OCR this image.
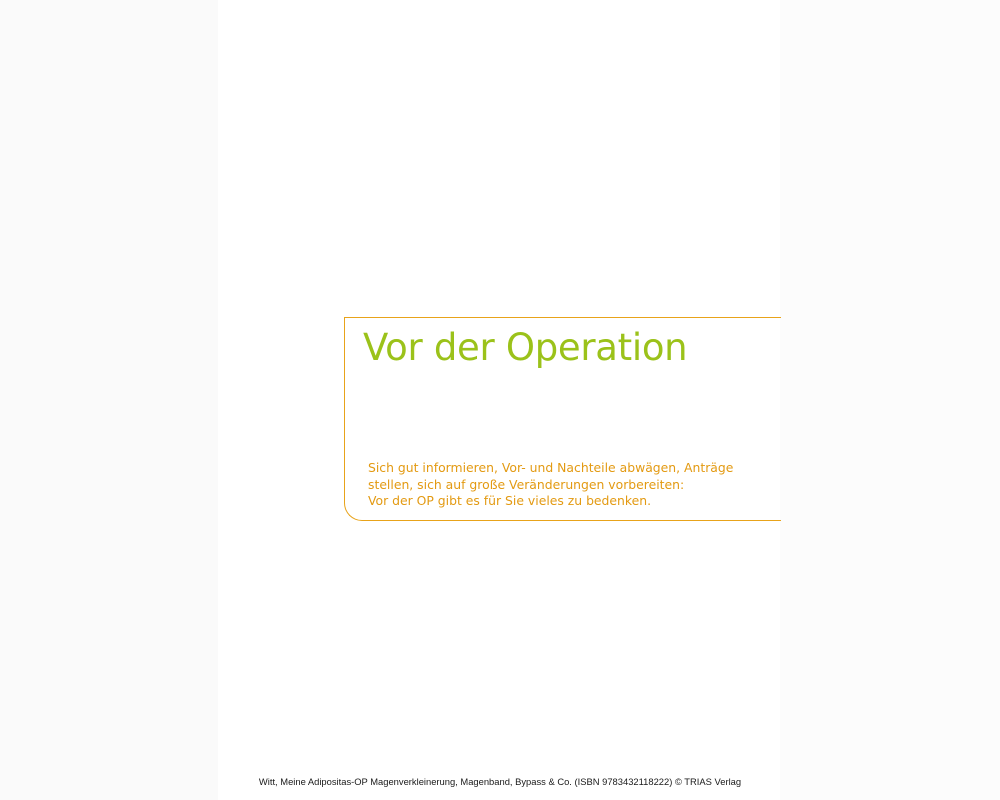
Vor der Operation

Sich gut informieren, Vor- und Nachteile abwägen, Anträge
stellen, sich auf große Veränderungen vorbereiten:
Vor der OP gibt es für Sie vieles zu bedenken.

Witt, Meine Adipositas-OP Magenverkleinerung, Magenband, Bypass & Co. (ISBN 9783432118222) © TRIAS Verlag
